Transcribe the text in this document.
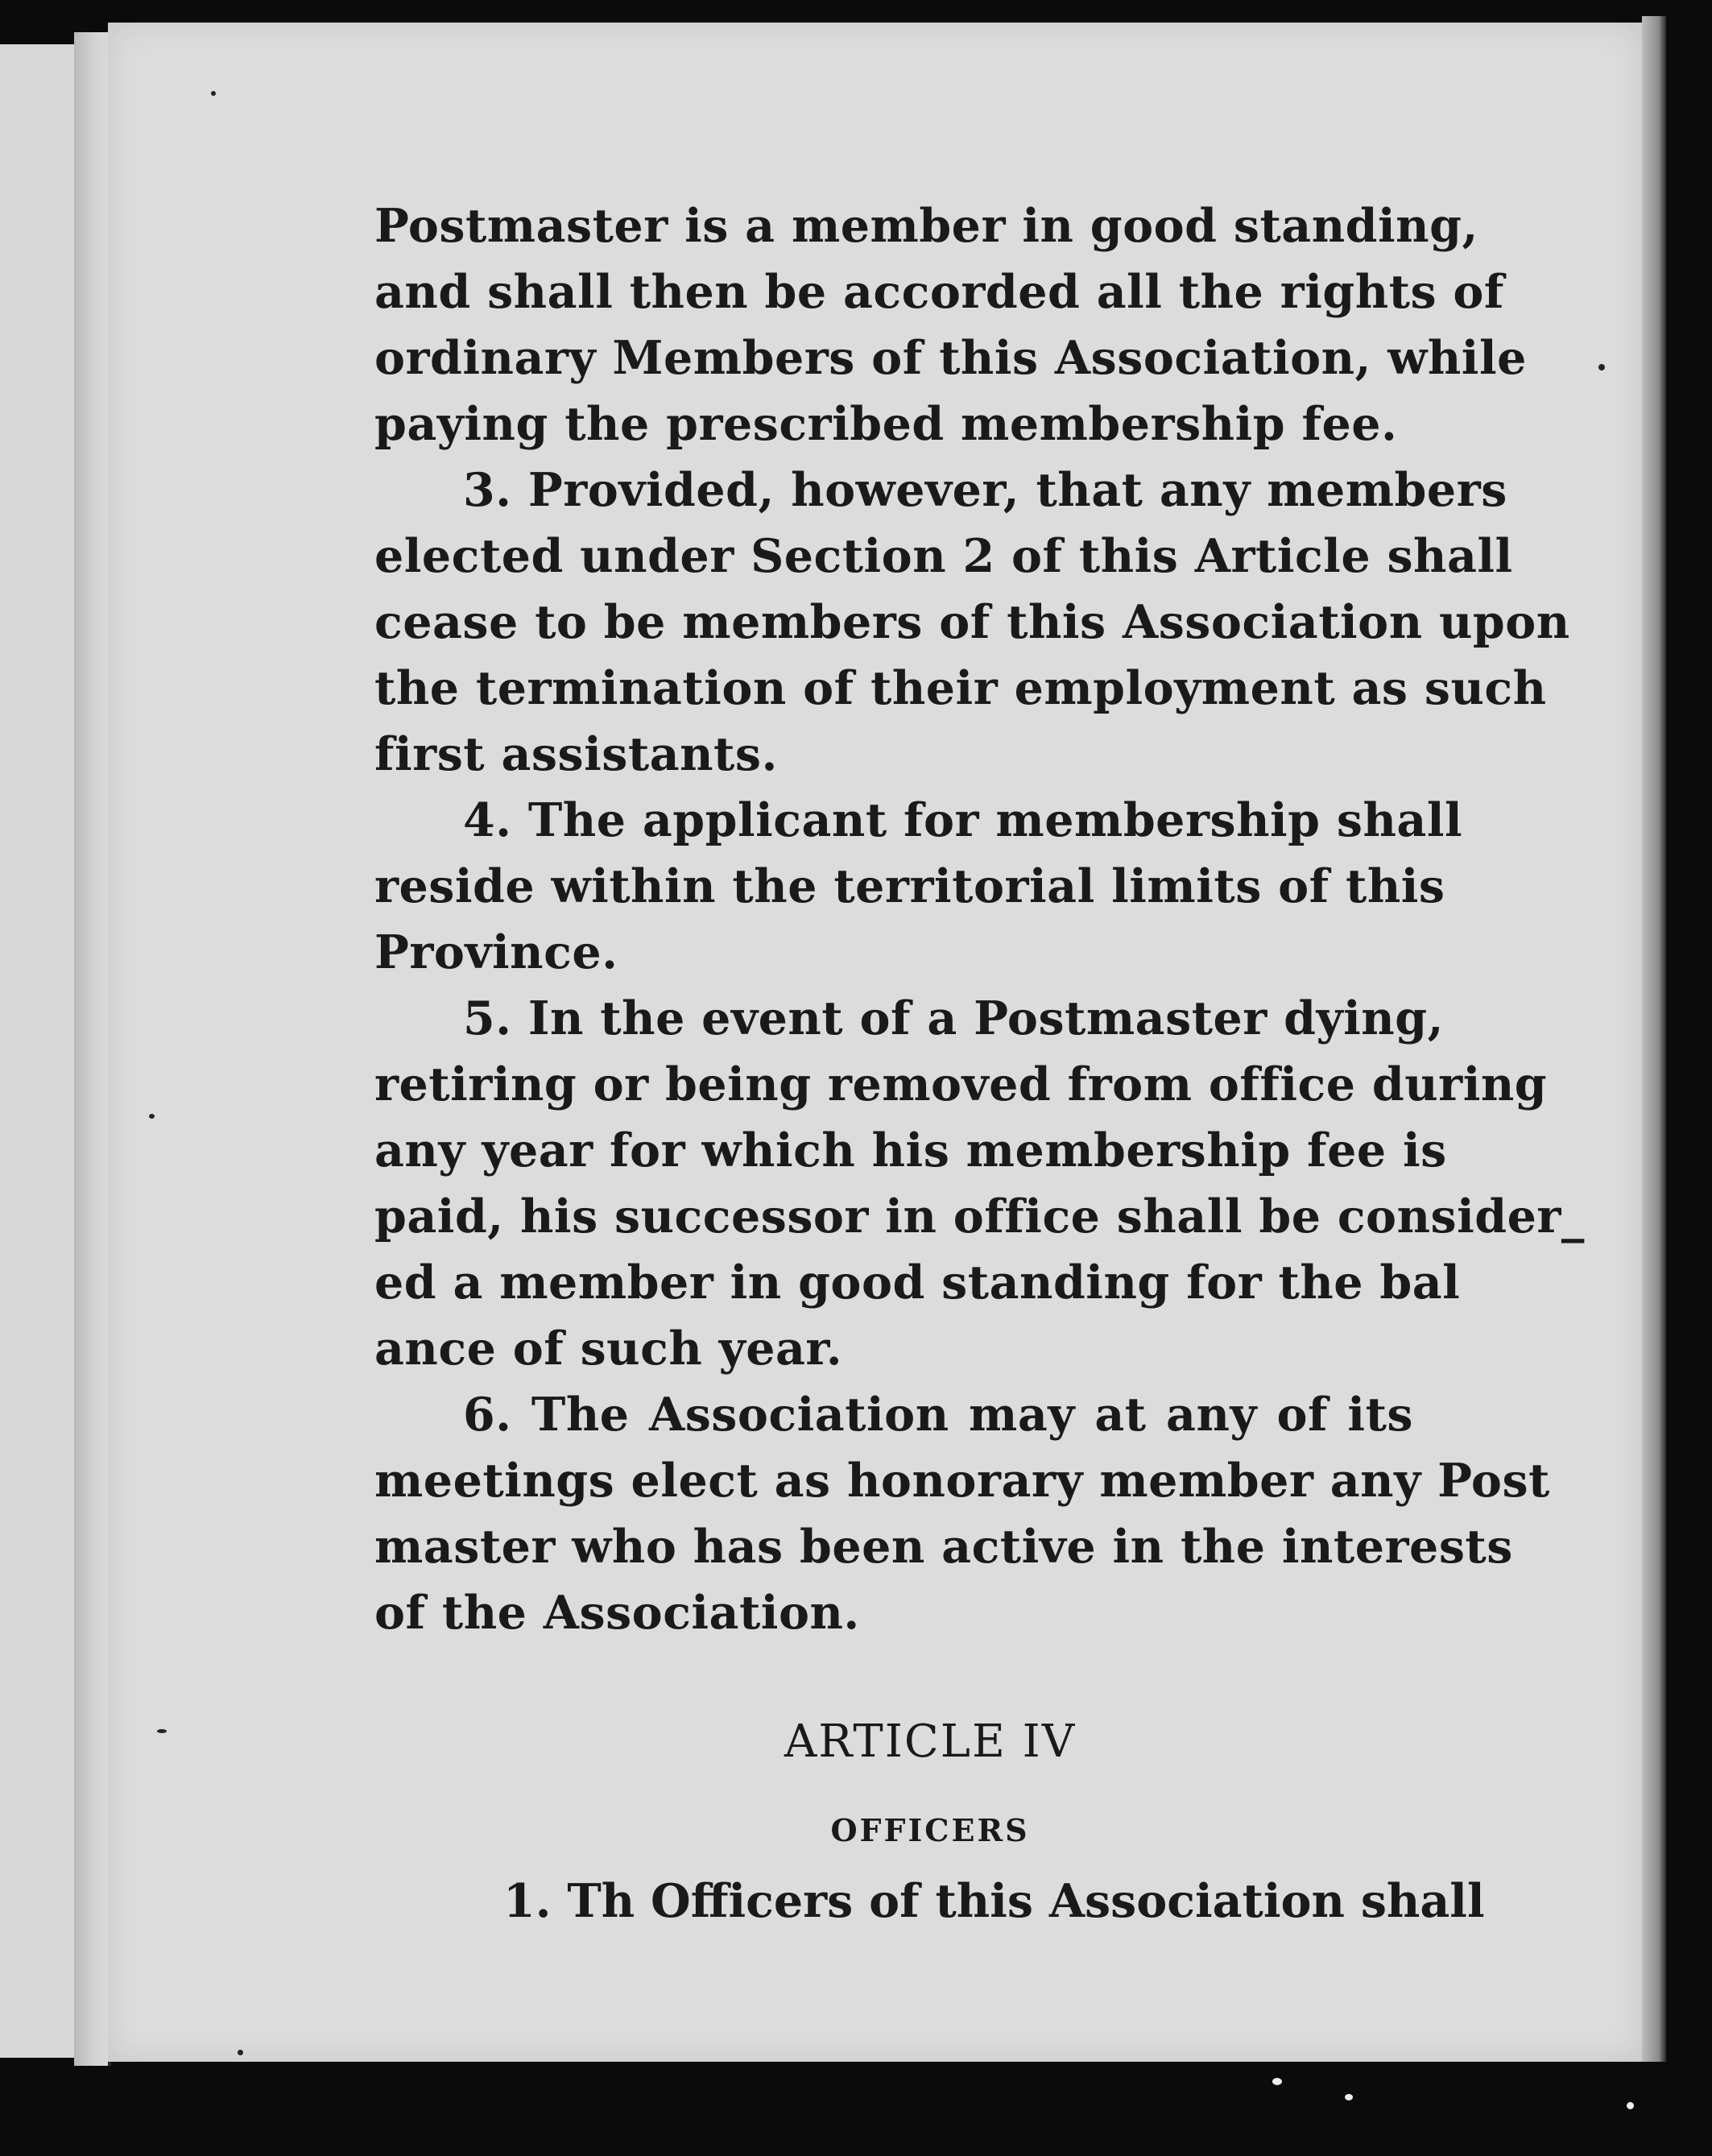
Postmaster is a member in good standing,
and shall then be accorded all the rights of
ordinary Members of this Association, while
paying the prescribed membership fee.
3. Provided, however, that any members
elected under Section 2 of this Article shall
cease to be members of this Association upon
the termination of their employment as such
first assistants.
4. The applicant for membership shall
reside within the territorial limits of this
Province.
5. In the event of a Postmaster dying,
retiring or being removed from office during
any year for which his membership fee is
paid, his successor in office shall be consider_
ed a member in good standing for the bal
ance of such year.
6. The Association may at any of its
meetings elect as honorary member any Post
master who has been active in the interests
of the Association.
ARTICLE IV
OFFICERS
1. Th Officers of this Association shall
